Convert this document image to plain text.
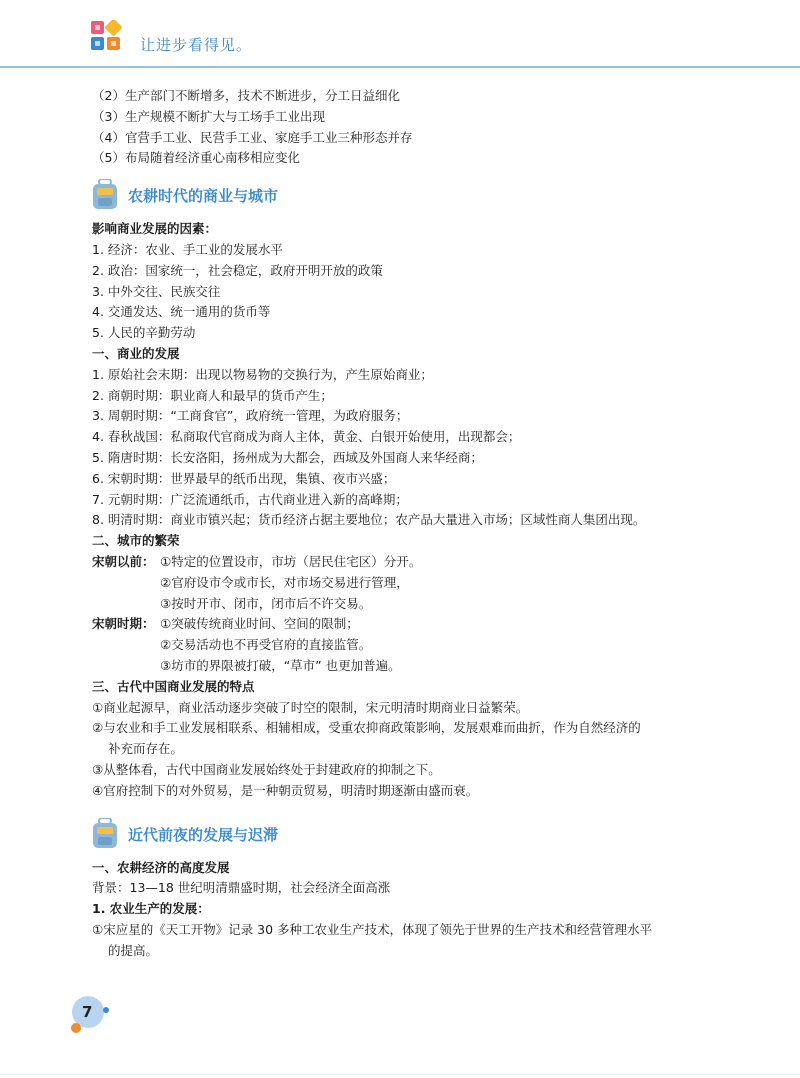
让进步看得见。
（2）生产部门不断增多，技术不断进步，分工日益细化
（3）生产规模不断扩大与工场手工业出现
（4）官营手工业、民营手工业、家庭手工业三种形态并存
（5）布局随着经济重心南移相应变化
农耕时代的商业与城市
影响商业发展的因素：
1. 经济：农业、手工业的发展水平
2. 政治：国家统一，社会稳定，政府开明开放的政策
3. 中外交往、民族交往
4. 交通发达、统一通用的货币等
5. 人民的辛勤劳动
一、商业的发展
1. 原始社会末期：出现以物易物的交换行为，产生原始商业；
2. 商朝时期：职业商人和最早的货币产生；
3. 周朝时期：“工商食官”，政府统一管理，为政府服务；
4. 春秋战国：私商取代官商成为商人主体，黄金、白银开始使用，出现都会；
5. 隋唐时期：长安洛阳，扬州成为大都会，西域及外国商人来华经商；
6. 宋朝时期：世界最早的纸币出现，集镇、夜市兴盛；
7. 元朝时期：广泛流通纸币，古代商业进入新的高峰期；
8. 明清时期：商业市镇兴起；货币经济占据主要地位；农产品大量进入市场；区域性商人集团出现。
二、城市的繁荣
宋朝以前： ①特定的位置设市，市坊（居民住宅区）分开。
②官府设市令或市长，对市场交易进行管理，
③按时开市、闭市，闭市后不许交易。
宋朝时期： ①突破传统商业时间、空间的限制；
②交易活动也不再受官府的直接监管。
③坊市的界限被打破，“草市” 也更加普遍。
三、古代中国商业发展的特点
①商业起源早，商业活动逐步突破了时空的限制，宋元明清时期商业日益繁荣。
②与农业和手工业发展相联系、相辅相成，受重农抑商政策影响，发展艰难而曲折，作为自然经济的
补充而存在。
③从整体看，古代中国商业发展始终处于封建政府的抑制之下。
④官府控制下的对外贸易，是一种朝贡贸易，明清时期逐渐由盛而衰。
近代前夜的发展与迟滞
一、农耕经济的高度发展
背景：13—18 世纪明清鼎盛时期，社会经济全面高涨
1. 农业生产的发展：
①宋应星的《天工开物》记录 30 多种工农业生产技术，体现了领先于世界的生产技术和经营管理水平
的提高。
7
